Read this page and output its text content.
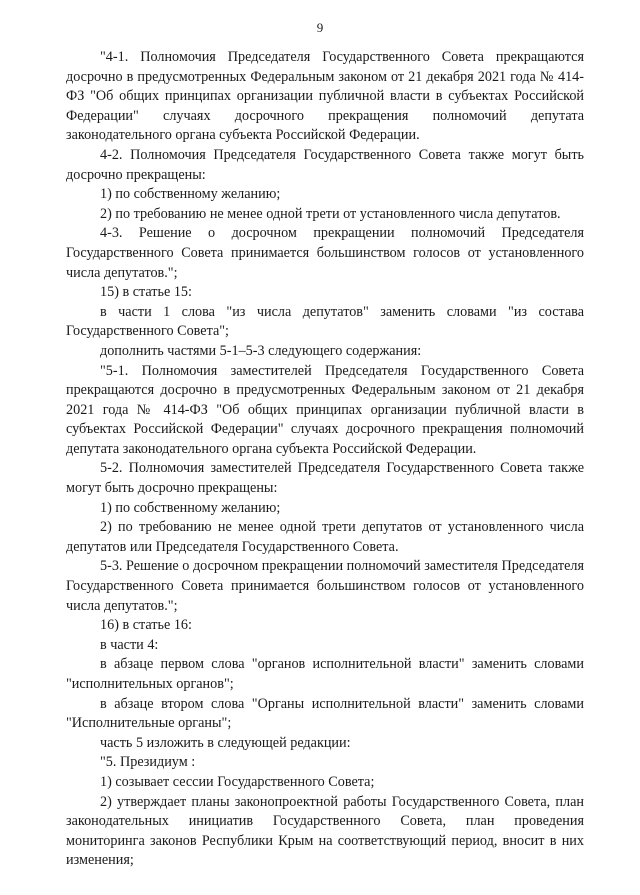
9

"4-1. Полномочия Председателя Государственного Совета прекращаются досрочно в предусмотренных Федеральным законом от 21 декабря 2021 года № 414-ФЗ "Об общих принципах организации публичной власти в субъектах Российской Федерации" случаях досрочного прекращения полномочий депутата законодательного органа субъекта Российской Федерации.

4-2. Полномочия Председателя Государственного Совета также могут быть досрочно прекращены:

1) по собственному желанию;

2) по требованию не менее одной трети от установленного числа депутатов.

4-3. Решение о досрочном прекращении полномочий Председателя Государственного Совета принимается большинством голосов от установленного числа депутатов.";

15) в статье 15:

в части 1 слова "из числа депутатов" заменить словами "из состава Государственного Совета";

дополнить частями 5-1–5-3 следующего содержания:

"5-1. Полномочия заместителей Председателя Государственного Совета прекращаются досрочно в предусмотренных Федеральным законом от 21 декабря 2021 года № 414-ФЗ "Об общих принципах организации публичной власти в субъектах Российской Федерации" случаях досрочного прекращения полномочий депутата законодательного органа субъекта Российской Федерации.

5-2. Полномочия заместителей Председателя Государственного Совета также могут быть досрочно прекращены:

1) по собственному желанию;

2) по требованию не менее одной трети депутатов от установленного числа депутатов или Председателя Государственного Совета.

5-3. Решение о досрочном прекращении полномочий заместителя Председателя Государственного Совета принимается большинством голосов от установленного числа депутатов.";

16) в статье 16:

в части 4:

в абзаце первом слова "органов исполнительной власти" заменить словами "исполнительных органов";

в абзаце втором слова "Органы исполнительной власти" заменить словами "Исполнительные органы";

часть 5 изложить в следующей редакции:

"5. Президиум :

1) созывает сессии Государственного Совета;

2) утверждает планы законопроектной работы Государственного Совета, план законодательных инициатив Государственного Совета, план проведения мониторинга законов Республики Крым на соответствующий период, вносит в них изменения;
